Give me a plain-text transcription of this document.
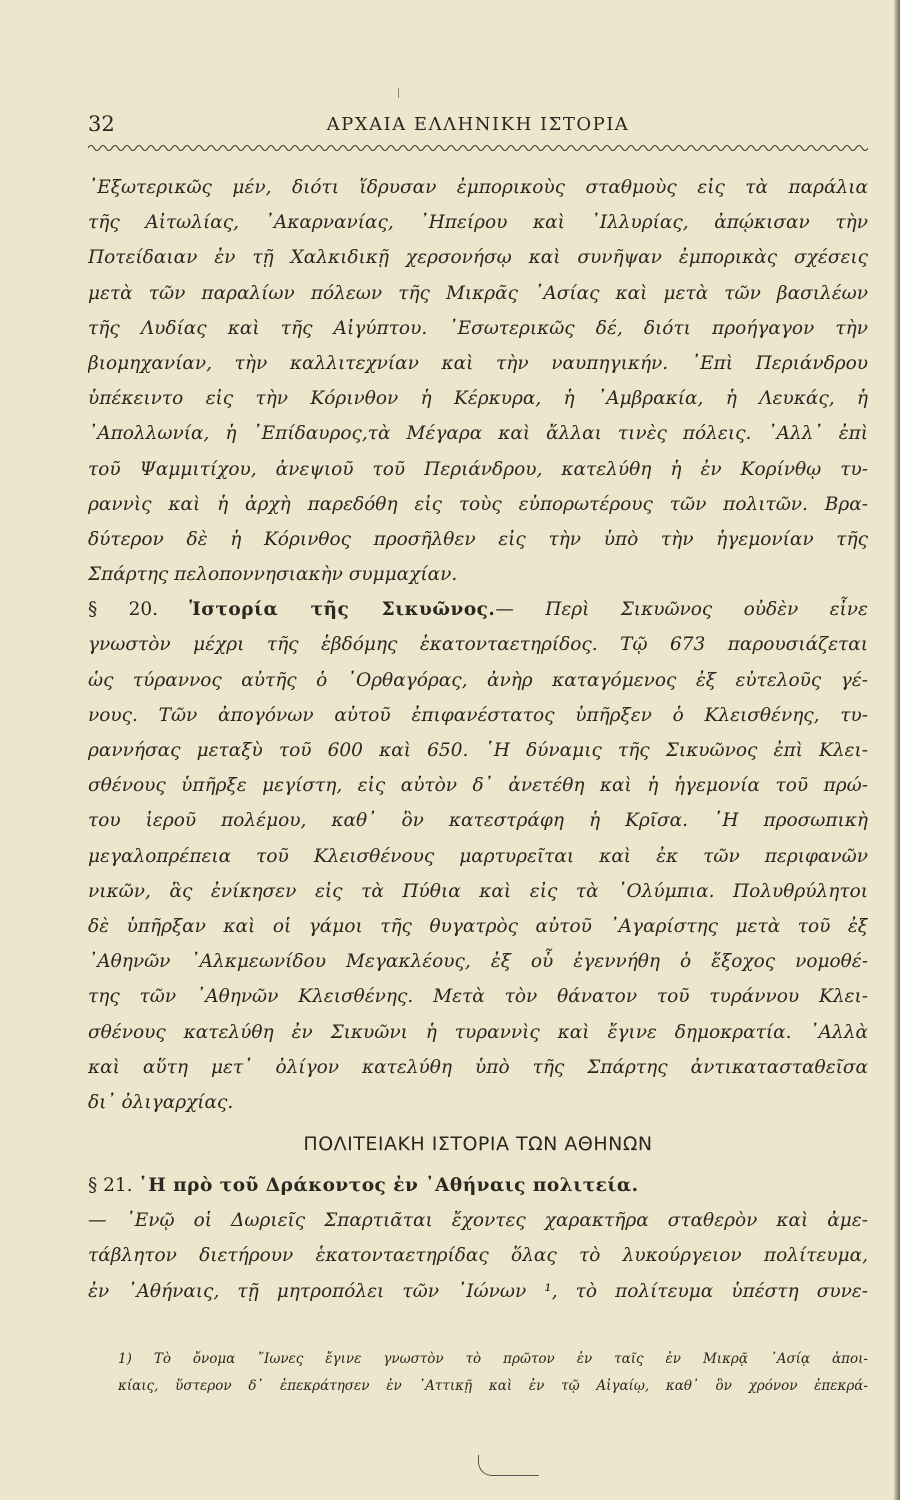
32	ΑΡΧΑΙΑ ΕΛΛΗΝΙΚΗ ΙΣΤΟΡΙΑ
᾿Εξωτερικῶς μέν, διότι ἵδρυσαν ἐμπορικοὺς σταθμοὺς εἰς τὰ παράλια
τῆς Αἰτωλίας, ᾿Ακαρνανίας, ᾿Ηπείρου καὶ ᾿Ιλλυρίας, ἀπῴκισαν τὴν
Ποτείδαιαν ἐν τῇ Χαλκιδικῇ χερσονήσῳ καὶ συνῆψαν ἐμπορικὰς σχέσεις
μετὰ τῶν παραλίων πόλεων τῆς Μικρᾶς ᾿Ασίας καὶ μετὰ τῶν βασιλέων
τῆς Λυδίας καὶ τῆς Αἰγύπτου. ᾿Εσωτερικῶς δέ, διότι προήγαγον τὴν
βιομηχανίαν, τὴν καλλιτεχνίαν καὶ τὴν ναυπηγικήν. ᾿Επὶ Περιάνδρου
ὑπέκειντο εἰς τὴν Κόρινθον ἡ Κέρκυρα, ἡ ᾿Αμβρακία, ἡ Λευκάς, ἡ
᾿Απολλωνία, ἡ ᾿Επίδαυρος,τὰ Μέγαρα καὶ ἄλλαι τινὲς πόλεις. ᾿Αλλ᾿ ἐπὶ
τοῦ Ψαμμιτίχου, ἀνεψιοῦ τοῦ Περιάνδρου, κατελύθη ἡ ἐν Κορίνθῳ τυ-
ραννὶς καὶ ἡ ἀρχὴ παρεδόθη εἰς τοὺς εὐπορωτέρους τῶν πολιτῶν. Βρα-
δύτερον δὲ ἡ Κόρινθος προσῆλθεν εἰς τὴν ὑπὸ τὴν ἡγεμονίαν τῆς
Σπάρτης πελοποννησιακὴν συμμαχίαν.
§ 20. Ἱστορία τῆς Σικυῶνος.— Περὶ Σικυῶνος οὐδὲν εἶνε
γνωστὸν μέχρι τῆς ἑβδόμης ἑκατονταετηρίδος. Τῷ 673 παρουσιάζεται
ὡς τύραννος αὐτῆς ὁ ᾿Ορθαγόρας, ἀνὴρ καταγόμενος ἐξ εὐτελοῦς γέ-
νους. Τῶν ἀπογόνων αὐτοῦ ἐπιφανέστατος ὑπῆρξεν ὁ Κλεισθένης, τυ-
ραννήσας μεταξὺ τοῦ 600 καὶ 650. ῾Η δύναμις τῆς Σικυῶνος ἐπὶ Κλει-
σθένους ὑπῆρξε μεγίστη, εἰς αὐτὸν δ᾿ ἀνετέθη καὶ ἡ ἡγεμονία τοῦ πρώ-
του ἱεροῦ πολέμου, καθ᾿ ὃν κατεστράφη ἡ Κρῖσα. ῾Η προσωπικὴ
μεγαλοπρέπεια τοῦ Κλεισθένους μαρτυρεῖται καὶ ἐκ τῶν περιφανῶν
νικῶν, ἃς ἐνίκησεν εἰς τὰ Πύθια καὶ εἰς τὰ ᾿Ολύμπια. Πολυθρύλητοι
δὲ ὑπῆρξαν καὶ οἱ γάμοι τῆς θυγατρὸς αὐτοῦ ᾿Αγαρίστης μετὰ τοῦ ἐξ
᾿Αθηνῶν ᾿Αλκμεωνίδου Μεγακλέους, ἐξ οὗ ἐγεννήθη ὁ ἔξοχος νομοθέ-
της τῶν ᾿Αθηνῶν Κλεισθένης. Μετὰ τὸν θάνατον τοῦ τυράννου Κλει-
σθένους κατελύθη ἐν Σικυῶνι ἡ τυραννὶς καὶ ἔγινε δημοκρατία. ᾿Αλλὰ
καὶ αὕτη μετ᾿ ὀλίγον κατελύθη ὑπὸ τῆς Σπάρτης ἀντικατασταθεῖσα
δι᾿ ὀλιγαρχίας.
ΠΟΛΙΤΕΙΑΚΗ ΙΣΤΟΡΙΑ ΤΩΝ ΑΘΗΝΩΝ
§ 21. ῾Η πρὸ τοῦ Δράκοντος ἐν ᾿Αθήναις πολιτεία.
— ᾿Ενῷ οἱ Δωριεῖς Σπαρτιᾶται ἔχοντες χαρακτῆρα σταθερὸν καὶ ἀμε-
τάβλητον διετήρουν ἑκατονταετηρίδας ὅλας τὸ λυκούργειον πολίτευμα,
ἐν ᾿Αθήναις, τῇ μητροπόλει τῶν ᾿Ιώνων ¹, τὸ πολίτευμα ὑπέστη συνε-
1) Τὸ ὄνομα ῎Ιωνες ἔγινε γνωστὸν τὸ πρῶτον ἐν ταῖς ἐν Μικρᾷ ᾿Ασίᾳ ἀποι-
κίαις, ὕστερον δ᾿ ἐπεκράτησεν ἐν ᾿Αττικῇ καὶ ἐν τῷ Αἰγαίῳ, καθ᾿ ὃν χρόνον ἐπεκρά-
